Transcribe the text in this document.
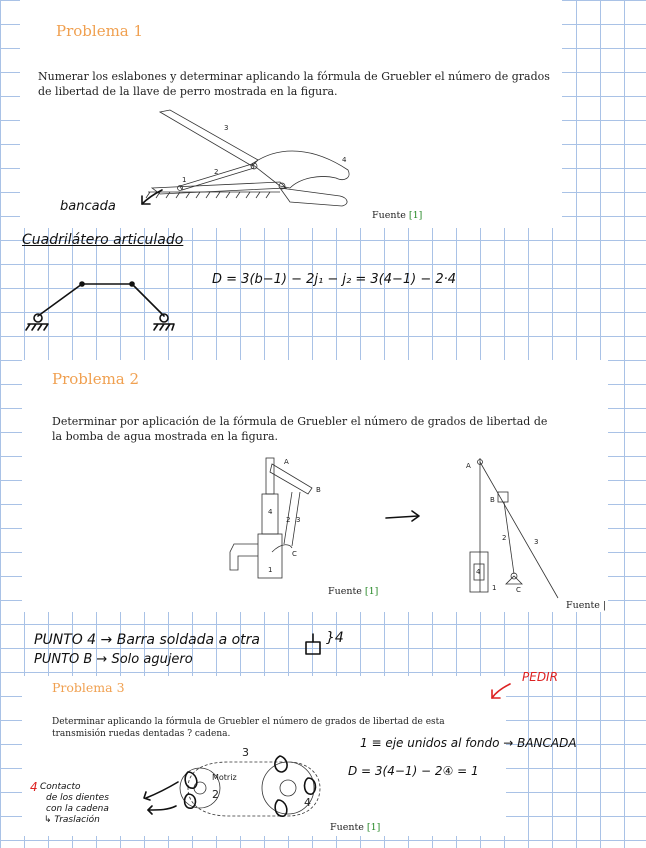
Problema 1
Numerar los eslabones y determinar aplicando la fórmula de Gruebler el número de grados de libertad de la llave de perro mostrada en la figura.
3
4
2
1
Fuente [1]
bancada
Cuadrilátero articulado
D = 3(b−1) − 2j₁ − j₂ = 3(4−1) − 2·4
Problema 2
Determinar por aplicación de la fórmula de Gruebler el número de grados de libertad de la bomba de agua mostrada en la figura.
A
B
4
3
2
C
1
Fuente [1]
A
B
2	3
4
1	C
Fuente |
PUNTO 4 → Barra soldada a otra
PUNTO B → Solo agujero
}4
Problema 3
Determinar aplicando la fórmula de Gruebler el número de grados de libertad de esta transmisión ruedas dentadas ? cadena.
PEDIR
3
Motriz
2
4
Fuente [1]
1 ≡ eje unidos al fondo → BANCADA
D = 3(4−1) − 2④ = 1
4 Contacto
de los dientes
con la cadena
↳ Traslación
